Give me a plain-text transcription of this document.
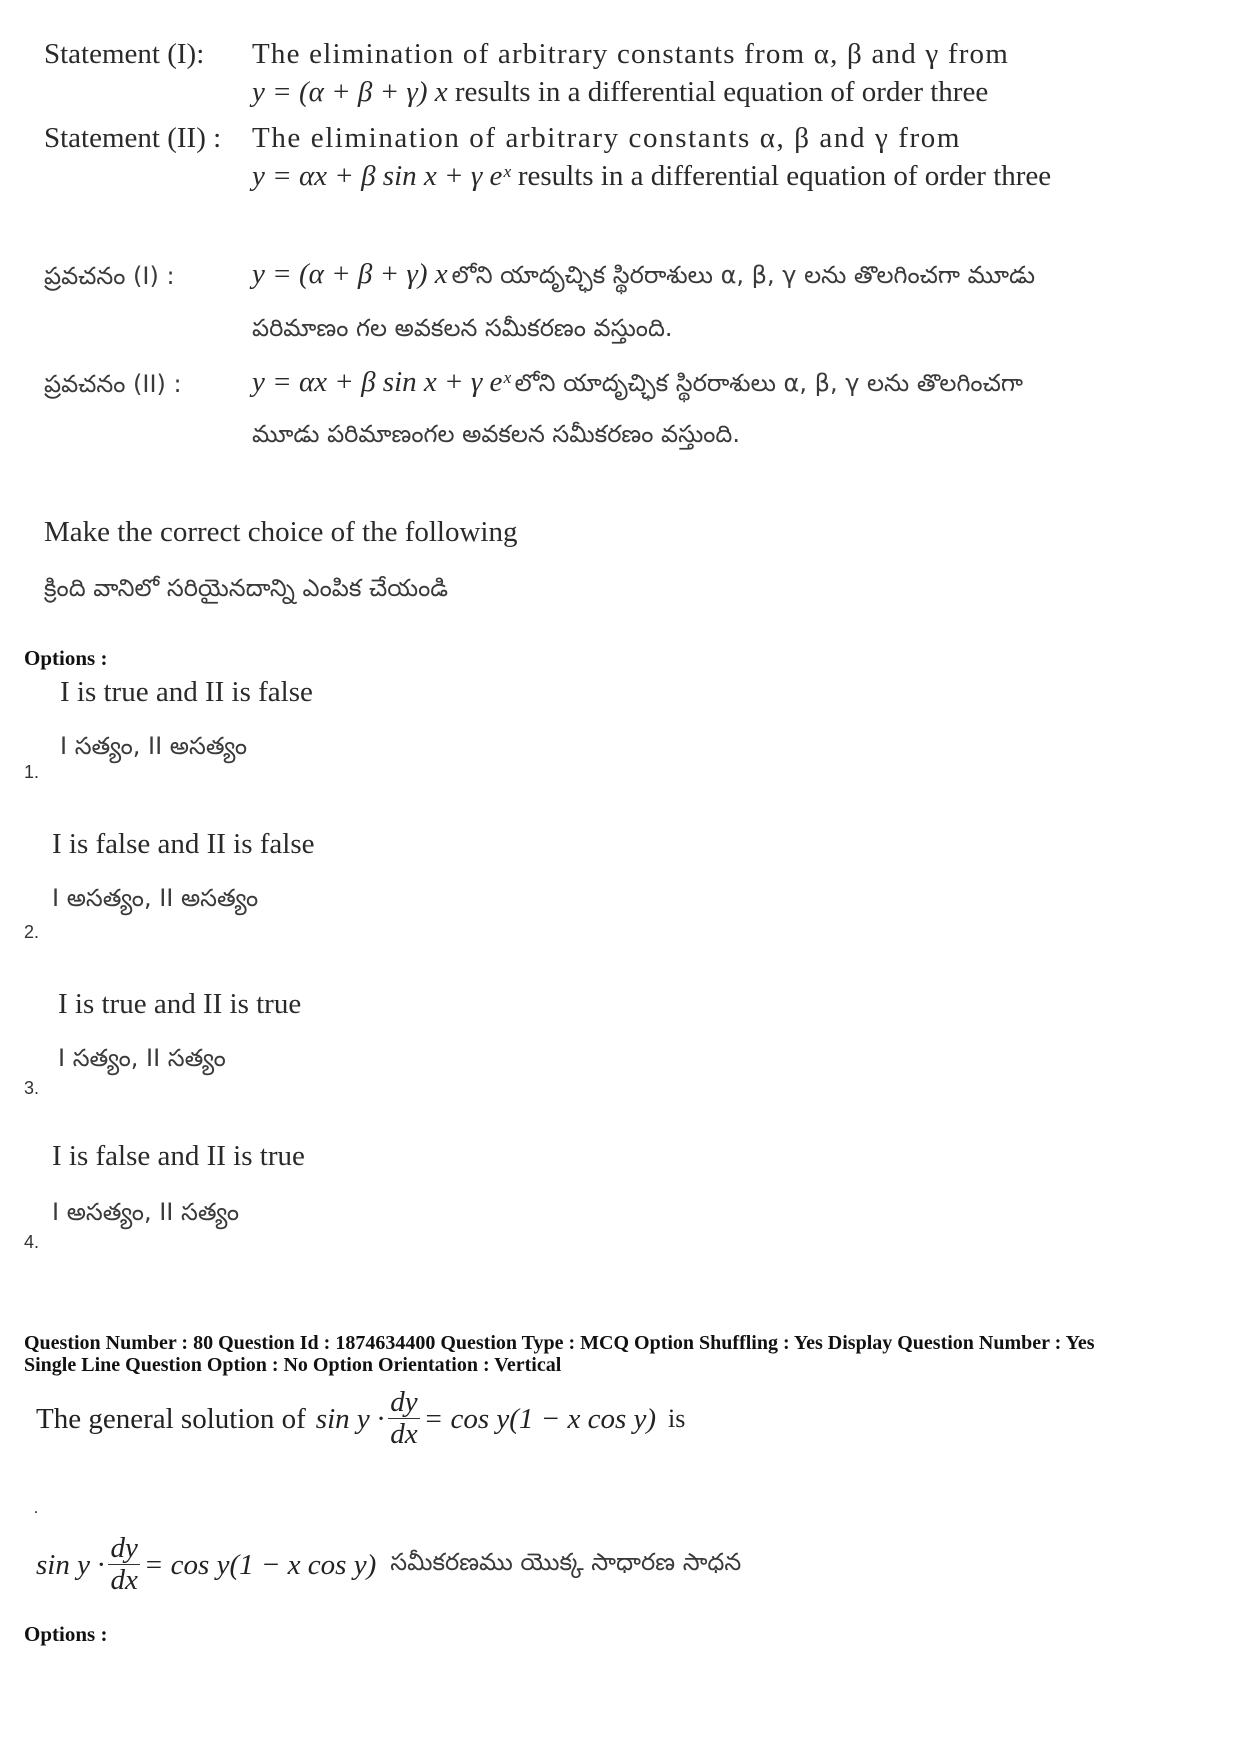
Statement (I): The elimination of arbitrary constants from α, β and γ from
y = (α + β + γ) x results in a differential equation of order three
Statement (II) : The elimination of arbitrary constants α, β and γ from
y = αx + β sin x + γ eˣ results in a differential equation of order three
ప్రవచనం (I) :	y = (α + β + γ) x లోని యాదృచ్ఛిక స్థిరరాశులు α, β, γ లను తొలగించగా మూడు
పరిమాణం గల అవకలన సమీకరణం వస్తుంది.
ప్రవచనం (II) : y = αx + β sin x + γ eˣ లోని యాదృచ్ఛిక స్థిరరాశులు α, β, γ లను తొలగించగా
మూడు పరిమాణంగల అవకలన సమీకరణం వస్తుంది.
Make the correct choice of the following
క్రింది వానిలో సరియైనదాన్ని ఎంపిక చేయండి
Options :
I is true and II is false
I సత్యం, II అసత్యం
1.
I is false and II is false
I అసత్యం, II అసత్యం
2.
I is true and II is true
I సత్యం, II సత్యం
3.
I is false and II is true
I అసత్యం, II సత్యం
4.
Question Number : 80 Question Id : 1874634400 Question Type : MCQ Option Shuffling : Yes Display Question Number : Yes
Single Line Question Option : No Option Orientation : Vertical
The general solution of $\sin y \cdot \frac{dy}{dx} = \cos y(1 - x$ cos y) is
.
$\sin y \cdot \frac{dy}{dx} = \cos y(1 - x$ cos y) సమీకరణము యొక్క సాధారణ సాధన
Options :
